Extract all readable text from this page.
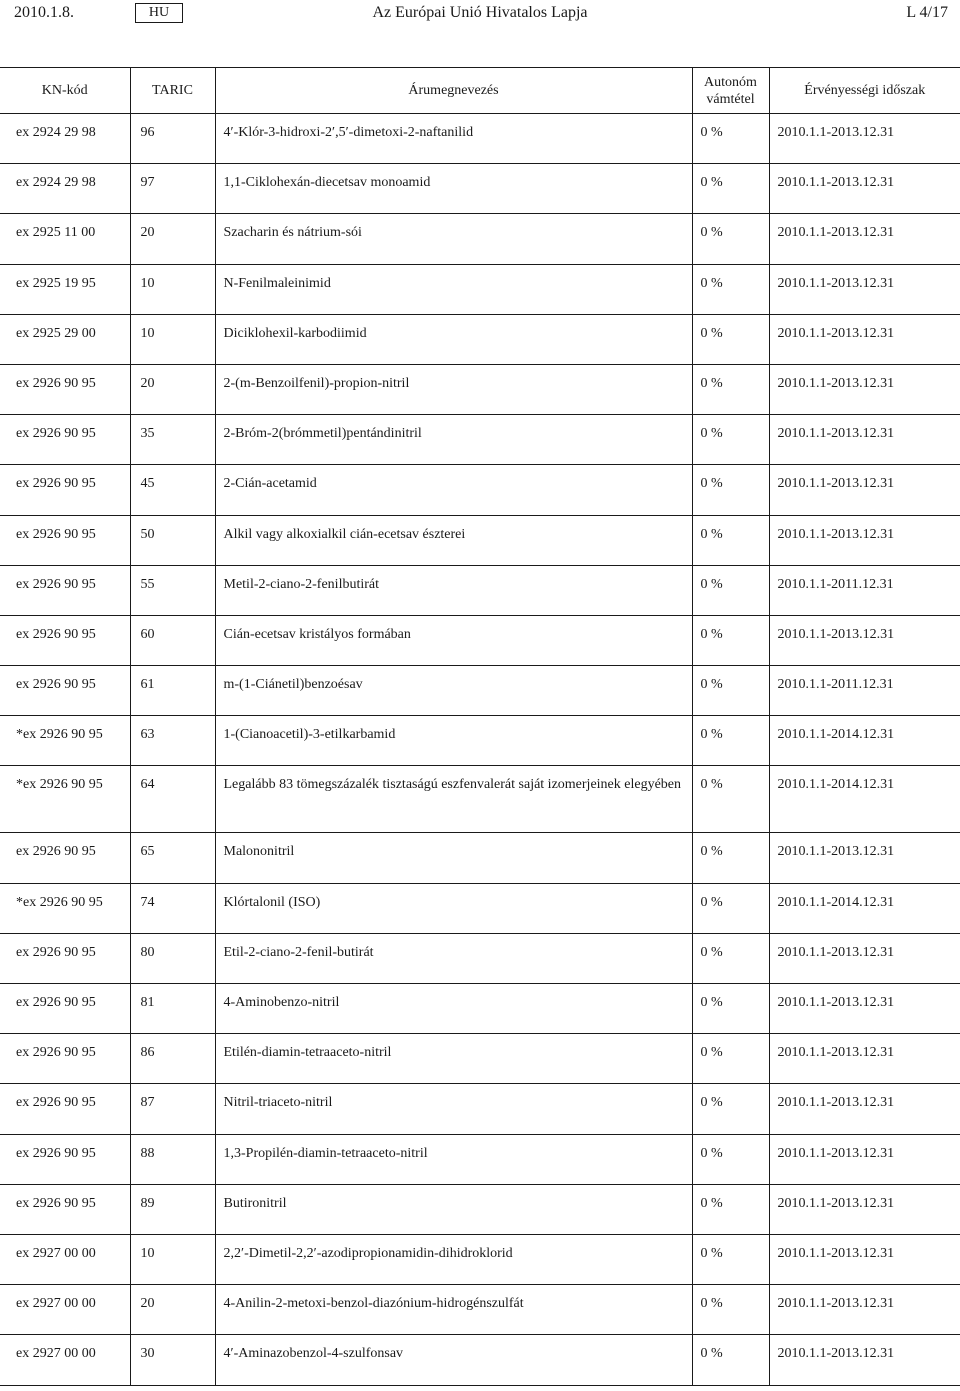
2010.1.8.	HU	Az Európai Unió Hivatalos Lapja	L 4/17
KN-kód	TARIC	Árumegnevezés	Autonóm vámtétel	Érvényességi időszak
ex 2924 29 98	96	4′-Klór-3-hidroxi-2′,5′-dimetoxi-2-naftanilid	0 %	2010.1.1-2013.12.31
ex 2924 29 98	97	1,1-Ciklohexán-diecetsav monoamid	0 %	2010.1.1-2013.12.31
ex 2925 11 00	20	Szacharin és nátrium-sói	0 %	2010.1.1-2013.12.31
ex 2925 19 95	10	N-Fenilmaleinimid	0 %	2010.1.1-2013.12.31
ex 2925 29 00	10	Diciklohexil-karbodiimid	0 %	2010.1.1-2013.12.31
ex 2926 90 95	20	2-(m-Benzoilfenil)-propion-nitril	0 %	2010.1.1-2013.12.31
ex 2926 90 95	35	2-Bróm-2(brómmetil)pentándinitril	0 %	2010.1.1-2013.12.31
ex 2926 90 95	45	2-Cián-acetamid	0 %	2010.1.1-2013.12.31
ex 2926 90 95	50	Alkil vagy alkoxialkil cián-ecetsav észterei	0 %	2010.1.1-2013.12.31
ex 2926 90 95	55	Metil-2-ciano-2-fenilbutirát	0 %	2010.1.1-2011.12.31
ex 2926 90 95	60	Cián-ecetsav kristályos formában	0 %	2010.1.1-2013.12.31
ex 2926 90 95	61	m-(1-Ciánetil)benzoésav	0 %	2010.1.1-2011.12.31
*ex 2926 90 95	63	1-(Cianoacetil)-3-etilkarbamid	0 %	2010.1.1-2014.12.31
*ex 2926 90 95	64	Legalább 83 tömegszázalék tisztaságú eszfenvalerát saját izomerjeinek elegyében	0 %	2010.1.1-2014.12.31
ex 2926 90 95	65	Malononitril	0 %	2010.1.1-2013.12.31
*ex 2926 90 95	74	Klórtalonil (ISO)	0 %	2010.1.1-2014.12.31
ex 2926 90 95	80	Etil-2-ciano-2-fenil-butirát	0 %	2010.1.1-2013.12.31
ex 2926 90 95	81	4-Aminobenzo-nitril	0 %	2010.1.1-2013.12.31
ex 2926 90 95	86	Etilén-diamin-tetraaceto-nitril	0 %	2010.1.1-2013.12.31
ex 2926 90 95	87	Nitril-triaceto-nitril	0 %	2010.1.1-2013.12.31
ex 2926 90 95	88	1,3-Propilén-diamin-tetraaceto-nitril	0 %	2010.1.1-2013.12.31
ex 2926 90 95	89	Butironitril	0 %	2010.1.1-2013.12.31
ex 2927 00 00	10	2,2′-Dimetil-2,2′-azodipropionamidin-dihidroklorid	0 %	2010.1.1-2013.12.31
ex 2927 00 00	20	4-Anilin-2-metoxi-benzol-diazónium-hidrogénszulfát	0 %	2010.1.1-2013.12.31
ex 2927 00 00	30	4′-Aminazobenzol-4-szulfonsav	0 %	2010.1.1-2013.12.31
